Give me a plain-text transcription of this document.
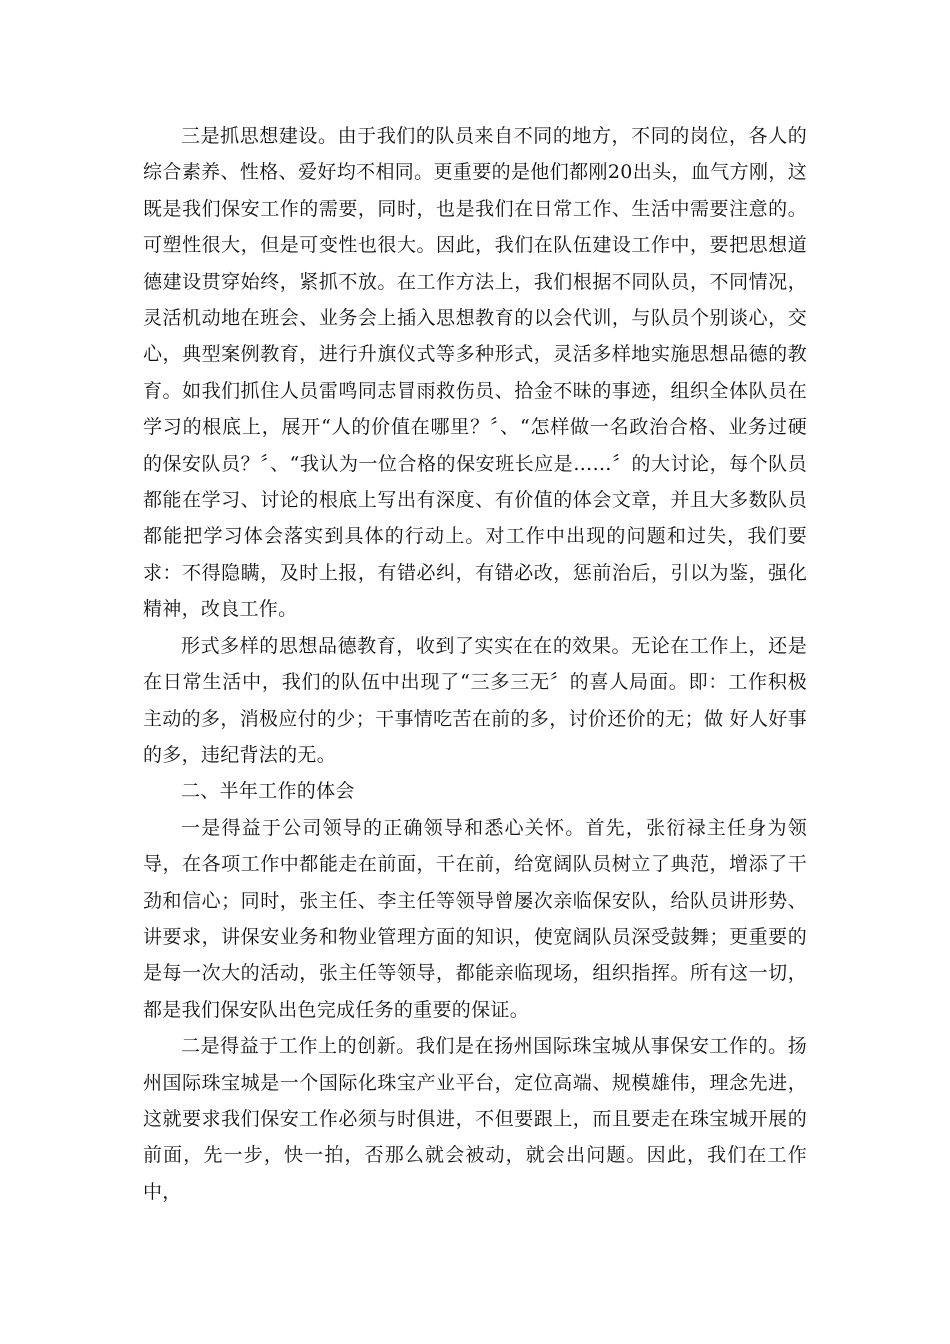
三是抓思想建设。由于我们的队员来自不同的地方，不同的岗位，各人的综合素养、性格、爱好均不相同。更重要的是他们都刚20出头，血气方刚，这既是我们保安工作的需要，同时，也是我们在日常工作、生活中需要注意的。可塑性很大，但是可变性也很大。因此，我们在队伍建设工作中，要把思想道德建设贯穿始终，紧抓不放。在工作方法上，我们根据不同队员，不同情况，灵活机动地在班会、业务会上插入思想教育的以会代训，与队员个别谈心，交心，典型案例教育，进行升旗仪式等多种形式，灵活多样地实施思想品德的教育。如我们抓住人员雷鸣同志冒雨救伤员、拾金不昧的事迹，组织全体队员在学习的根底上，展开“人的价值在哪里？〞、“怎样做一名政治合格、业务过硬的保安队员？〞、“我认为一位合格的保安班长应是……〞的大讨论，每个队员都能在学习、讨论的根底上写出有深度、有价值的体会文章，并且大多数队员都能把学习体会落实到具体的行动上。对工作中出现的问题和过失，我们要求：不得隐瞒，及时上报，有错必纠，有错必改，惩前治后，引以为鉴，强化精神，改良工作。

形式多样的思想品德教育，收到了实实在在的效果。无论在工作上，还是在日常生活中，我们的队伍中出现了“三多三无〞的喜人局面。即：工作积极主动的多，消极应付的少；干事情吃苦在前的多，讨价还价的无；做 好人好事的多，违纪背法的无。

二、半年工作的体会

一是得益于公司领导的正确领导和悉心关怀。首先，张衍禄主任身为领导，在各项工作中都能走在前面，干在前，给宽阔队员树立了典范，增添了干劲和信心；同时，张主任、李主任等领导曾屡次亲临保安队，给队员讲形势、讲要求，讲保安业务和物业管理方面的知识，使宽阔队员深受鼓舞；更重要的是每一次大的活动，张主任等领导，都能亲临现场，组织指挥。所有这一切，都是我们保安队出色完成任务的重要的保证。

二是得益于工作上的创新。我们是在扬州国际珠宝城从事保安工作的。扬州国际珠宝城是一个国际化珠宝产业平台，定位高端、规模雄伟，理念先进，这就要求我们保安工作必须与时俱进，不但要跟上，而且要走在珠宝城开展的前面，先一步，快一拍，否那么就会被动，就会出问题。因此，我们在工作中，
